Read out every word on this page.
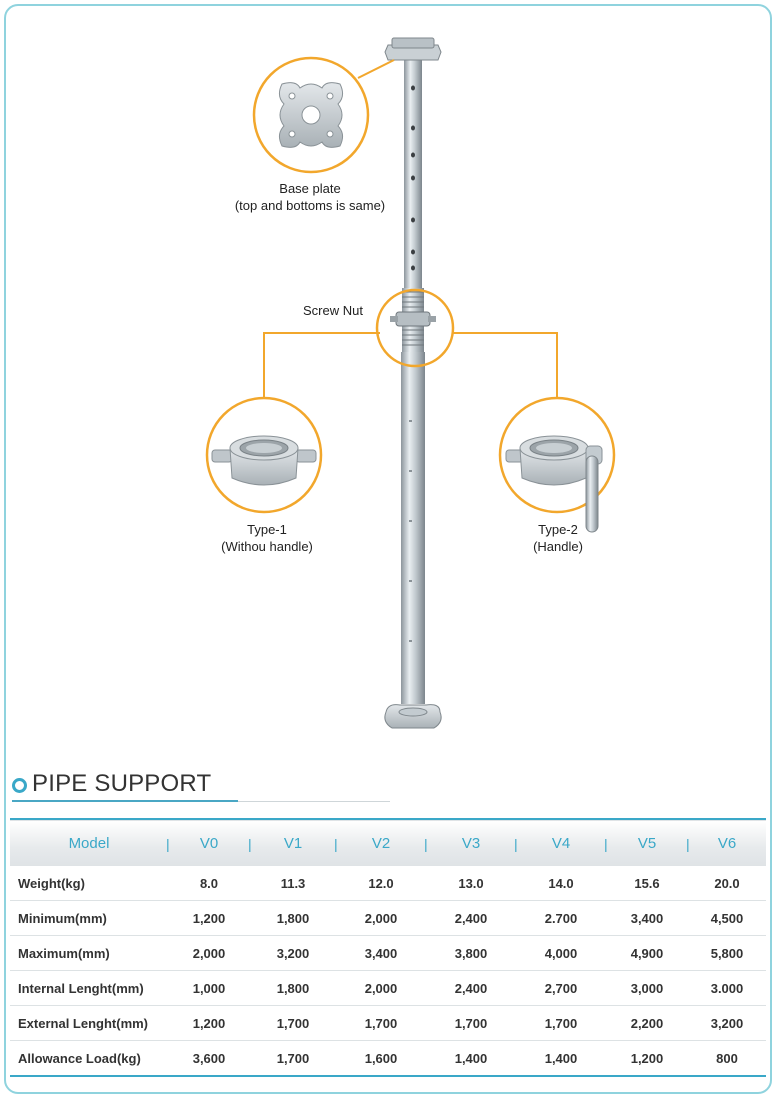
Base plate
(top and bottoms is same)
Screw Nut
Type-1
(Withou handle)
Type-2
(Handle)
PIPE SUPPORT
Model	| V0	| V1	| V2	| V3	| V4	| V5	| V6
Weight(kg)	8.0	11.3	12.0	13.0	14.0	15.6	20.0
Minimum(mm)	1,200	1,800	2,000	2,400	2.700	3,400	4,500
Maximum(mm)	2,000	3,200	3,400	3,800	4,000	4,900	5,800
Internal Lenght(mm)	1,000	1,800	2,000	2,400	2,700	3,000	3.000
External Lenght(mm)	1,200	1,700	1,700	1,700	1,700	2,200	3,200
Allowance Load(kg)	3,600	1,700	1,600	1,400	1,400	1,200	800
